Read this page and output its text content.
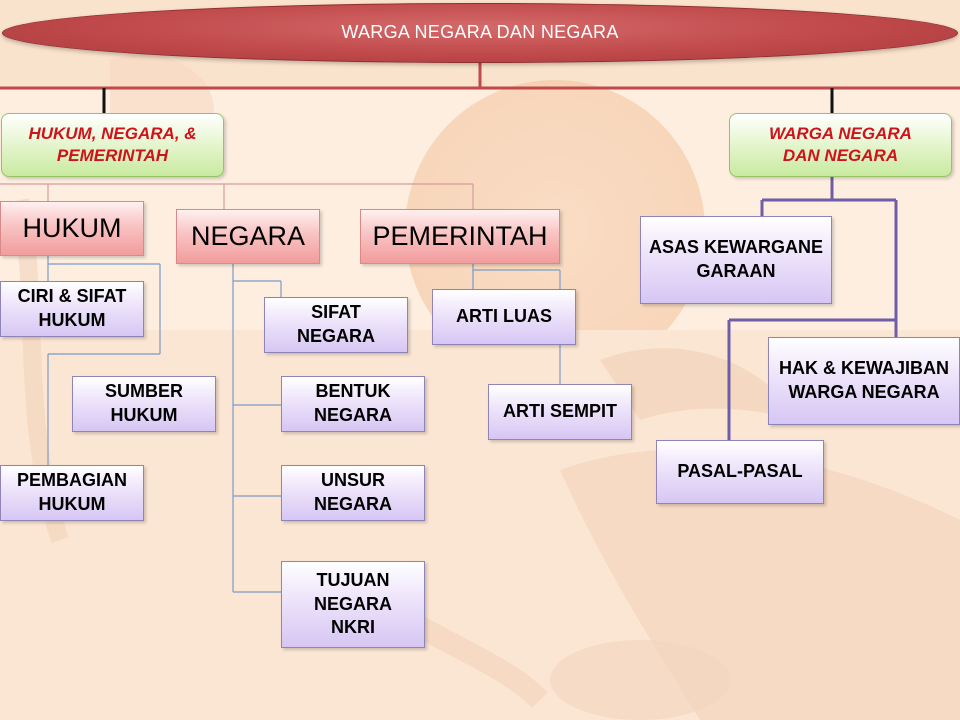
WARGA NEGARA DAN NEGARA
HUKUM, NEGARA, & PEMERINTAH
WARGA NEGARA DAN NEGARA
HUKUM	NEGARA PEMERINTAH
CIRI & SIFAT HUKUM
SUMBER HUKUM
PEMBAGIAN HUKUM
SIFAT NEGARA
BENTUK NEGARA
UNSUR NEGARA
TUJUAN NEGARA NKRI
ARTI LUAS
ARTI SEMPIT
ASAS KEWARGANEGARAAN
HAK & KEWAJIBAN WARGA NEGARA
PASAL-PASAL
